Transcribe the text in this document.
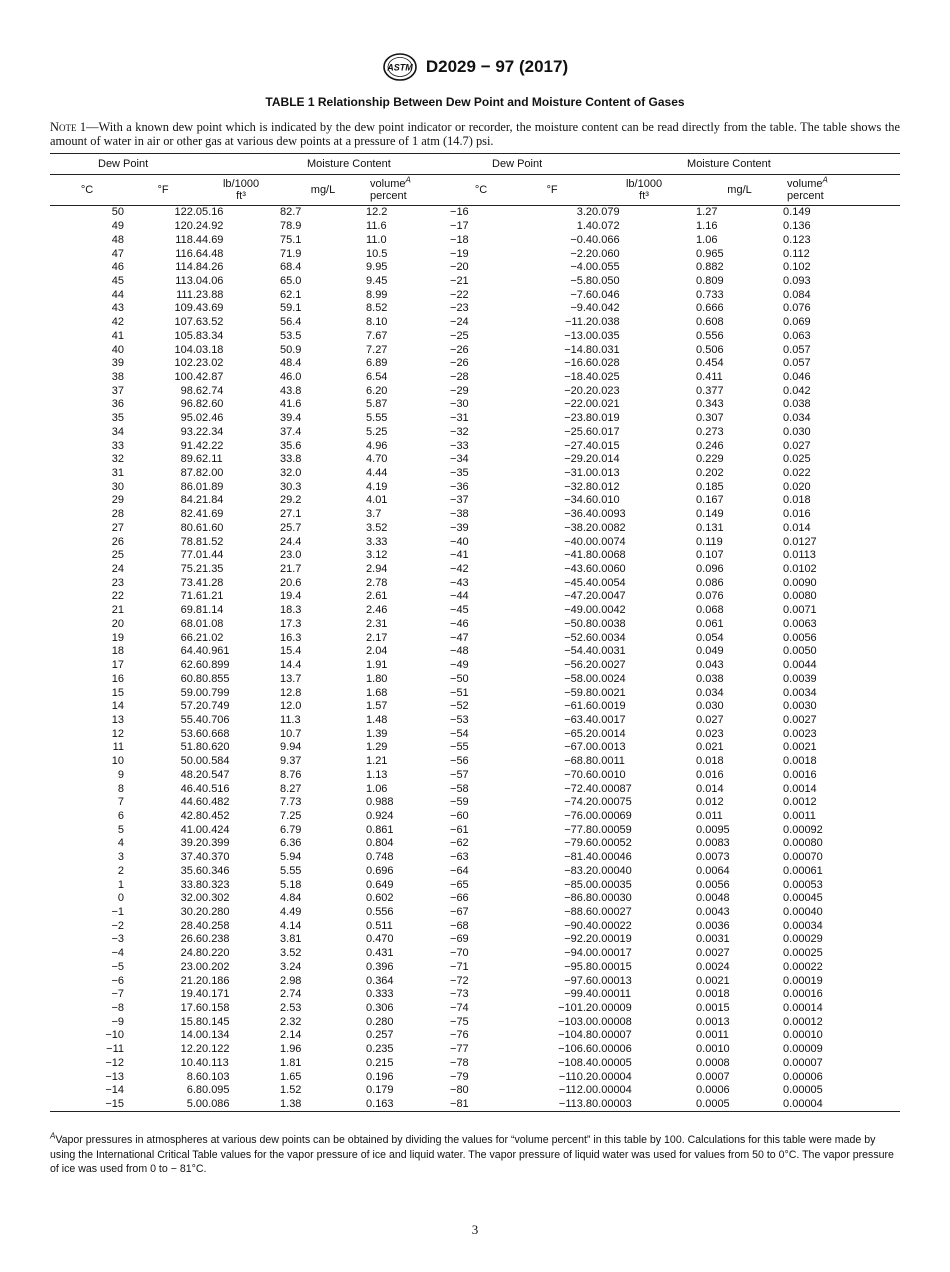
ASTM D2029 − 97 (2017)
TABLE 1 Relationship Between Dew Point and Moisture Content of Gases
Note 1—With a known dew point which is indicated by the dew point indicator or recorder, the moisture content can be read directly from the table. The table shows the amount of water in air or other gas at various dew points at a pressure of 1 atm (14.7) psi.
Dew Point		Moisture Content			Dew Point		Moisture Content		
°C	°F	lb/1000
ft³	mg/L	volume$^A$
percent	°C	°F	lb/1000
ft³	mg/L	volume$^A$
percent
50	122.0	5.16	82.7	12.2	−16	3.2	0.079	1.27	0.149
49	120.2	4.92	78.9	11.6	−17	1.4	0.072	1.16	0.136
48	118.4	4.69	75.1	11.0	−18	−0.4	0.066	1.06	0.123
47	116.6	4.48	71.9	10.5	−19	−2.2	0.060	0.965	0.112
46	114.8	4.26	68.4	9.95	−20	−4.0	0.055	0.882	0.102
45	113.0	4.06	65.0	9.45	−21	−5.8	0.050	0.809	0.093
44	111.2	3.88	62.1	8.99	−22	−7.6	0.046	0.733	0.084
43	109.4	3.69	59.1	8.52	−23	−9.4	0.042	0.666	0.076
42	107.6	3.52	56.4	8.10	−24	−11.2	0.038	0.608	0.069
41	105.8	3.34	53.5	7.67	−25	−13.0	0.035	0.556	0.063
40	104.0	3.18	50.9	7.27	−26	−14.8	0.031	0.506	0.057
39	102.2	3.02	48.4	6.89	−26	−16.6	0.028	0.454	0.057
38	100.4	2.87	46.0	6.54	−28	−18.4	0.025	0.411	0.046
37	98.6	2.74	43.8	6.20	−29	−20.2	0.023	0.377	0.042
36	96.8	2.60	41.6	5.87	−30	−22.0	0.021	0.343	0.038
35	95.0	2.46	39.4	5.55	−31	−23.8	0.019	0.307	0.034
34	93.2	2.34	37.4	5.25	−32	−25.6	0.017	0.273	0.030
33	91.4	2.22	35.6	4.96	−33	−27.4	0.015	0.246	0.027
32	89.6	2.11	33.8	4.70	−34	−29.2	0.014	0.229	0.025
31	87.8	2.00	32.0	4.44	−35	−31.0	0.013	0.202	0.022
30	86.0	1.89	30.3	4.19	−36	−32.8	0.012	0.185	0.020
29	84.2	1.84	29.2	4.01	−37	−34.6	0.010	0.167	0.018
28	82.4	1.69	27.1	3.7	−38	−36.4	0.0093	0.149	0.016
27	80.6	1.60	25.7	3.52	−39	−38.2	0.0082	0.131	0.014
26	78.8	1.52	24.4	3.33	−40	−40.0	0.0074	0.119	0.0127
25	77.0	1.44	23.0	3.12	−41	−41.8	0.0068	0.107	0.0113
24	75.2	1.35	21.7	2.94	−42	−43.6	0.0060	0.096	0.0102
23	73.4	1.28	20.6	2.78	−43	−45.4	0.0054	0.086	0.0090
22	71.6	1.21	19.4	2.61	−44	−47.2	0.0047	0.076	0.0080
21	69.8	1.14	18.3	2.46	−45	−49.0	0.0042	0.068	0.0071
20	68.0	1.08	17.3	2.31	−46	−50.8	0.0038	0.061	0.0063
19	66.2	1.02	16.3	2.17	−47	−52.6	0.0034	0.054	0.0056
18	64.4	0.961	15.4	2.04	−48	−54.4	0.0031	0.049	0.0050
17	62.6	0.899	14.4	1.91	−49	−56.2	0.0027	0.043	0.0044
16	60.8	0.855	13.7	1.80	−50	−58.0	0.0024	0.038	0.0039
15	59.0	0.799	12.8	1.68	−51	−59.8	0.0021	0.034	0.0034
14	57.2	0.749	12.0	1.57	−52	−61.6	0.0019	0.030	0.0030
13	55.4	0.706	11.3	1.48	−53	−63.4	0.0017	0.027	0.0027
12	53.6	0.668	10.7	1.39	−54	−65.2	0.0014	0.023	0.0023
11	51.8	0.620	9.94	1.29	−55	−67.0	0.0013	0.021	0.0021
10	50.0	0.584	9.37	1.21	−56	−68.8	0.0011	0.018	0.0018
9	48.2	0.547	8.76	1.13	−57	−70.6	0.0010	0.016	0.0016
8	46.4	0.516	8.27	1.06	−58	−72.4	0.00087	0.014	0.0014
7	44.6	0.482	7.73	0.988	−59	−74.2	0.00075	0.012	0.0012
6	42.8	0.452	7.25	0.924	−60	−76.0	0.00069	0.011	0.0011
5	41.0	0.424	6.79	0.861	−61	−77.8	0.00059	0.0095	0.00092
4	39.2	0.399	6.36	0.804	−62	−79.6	0.00052	0.0083	0.00080
3	37.4	0.370	5.94	0.748	−63	−81.4	0.00046	0.0073	0.00070
2	35.6	0.346	5.55	0.696	−64	−83.2	0.00040	0.0064	0.00061
1	33.8	0.323	5.18	0.649	−65	−85.0	0.00035	0.0056	0.00053
0	32.0	0.302	4.84	0.602	−66	−86.8	0.00030	0.0048	0.00045
−1	30.2	0.280	4.49	0.556	−67	−88.6	0.00027	0.0043	0.00040
−2	28.4	0.258	4.14	0.511	−68	−90.4	0.00022	0.0036	0.00034
−3	26.6	0.238	3.81	0.470	−69	−92.2	0.00019	0.0031	0.00029
−4	24.8	0.220	3.52	0.431	−70	−94.0	0.00017	0.0027	0.00025
−5	23.0	0.202	3.24	0.396	−71	−95.8	0.00015	0.0024	0.00022
−6	21.2	0.186	2.98	0.364	−72	−97.6	0.00013	0.0021	0.00019
−7	19.4	0.171	2.74	0.333	−73	−99.4	0.00011	0.0018	0.00016
−8	17.6	0.158	2.53	0.306	−74	−101.2	0.00009	0.0015	0.00014
−9	15.8	0.145	2.32	0.280	−75	−103.0	0.00008	0.0013	0.00012
−10	14.0	0.134	2.14	0.257	−76	−104.8	0.00007	0.0011	0.00010
−11	12.2	0.122	1.96	0.235	−77	−106.6	0.00006	0.0010	0.00009
−12	10.4	0.113	1.81	0.215	−78	−108.4	0.00005	0.0008	0.00007
−13	8.6	0.103	1.65	0.196	−79	−110.2	0.00004	0.0007	0.00006
−14	6.8	0.095	1.52	0.179	−80	−112.0	0.00004	0.0006	0.00005
−15	5.0	0.086	1.38	0.163	−81	−113.8	0.00003	0.0005	0.00004
$^A$Vapor pressures in atmospheres at various dew points can be obtained by dividing the values for “volume percent” in this table by 100. Calculations for this table were made by using the International Critical Table values for the vapor pressure of ice and liquid water. The vapor pressure of liquid water was used for values from 50 to 0°C. The vapor pressure of ice was used from 0 to − 81°C.
3
